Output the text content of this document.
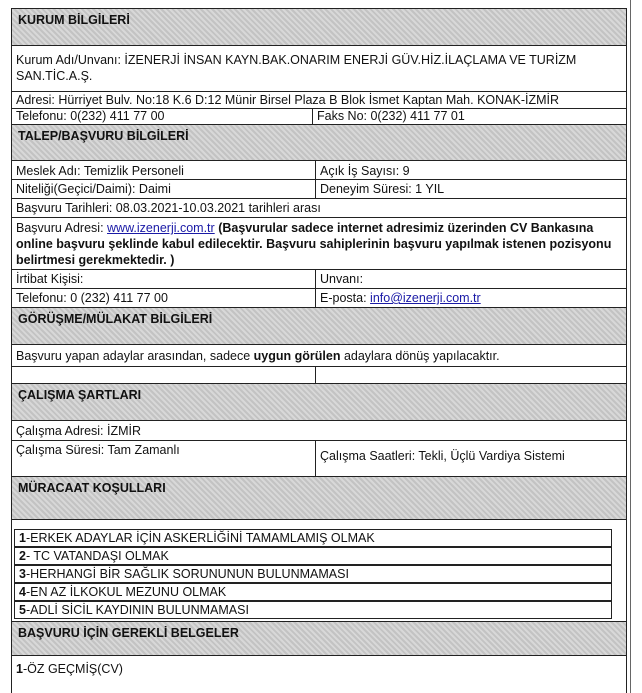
KURUM BİLGİLERİ
Kurum Adı/Unvanı: İZENERJİ İNSAN KAYN.BAK.ONARIM ENERJİ GÜV.HİZ.İLAÇLAMA VE TURİZM SAN.TİC.A.Ş.
Adresi: Hürriyet Bulv. No:18 K.6 D:12 Münir Birsel Plaza B Blok İsmet Kaptan Mah. KONAK-İZMİR
Telefonu: 0(232) 411 77 00	Faks No: 0(232) 411 77 01
TALEP/BAŞVURU BİLGİLERİ
Meslek Adı: Temizlik Personeli	Açık İş Sayısı: 9
Niteliği(Geçici/Daimi): Daimi	Deneyim Süresi: 1 YIL
Başvuru Tarihleri: 08.03.2021-10.03.2021 tarihleri arası
Başvuru Adresi: www.izenerji.com.tr (Başvurular sadece internet adresimiz üzerinden CV Bankasına online başvuru şeklinde kabul edilecektir. Başvuru sahiplerinin başvuru yapılmak istenen pozisyonu belirtmesi gerekmektedir. )
İrtibat Kişisi:	Unvanı:
Telefonu: 0 (232) 411 77 00	E-posta: info@izenerji.com.tr
GÖRÜŞME/MÜLAKAT BİLGİLERİ
Başvuru yapan adaylar arasından, sadece uygun görülen adaylara dönüş yapılacaktır.
ÇALIŞMA ŞARTLARI
Çalışma Adresi: İZMİR
Çalışma Süresi: Tam Zamanlı	Çalışma Saatleri: Tekli, Üçlü Vardiya Sistemi
MÜRACAAT KOŞULLARI
1-ERKEK ADAYLAR İÇİN ASKERLİĞİNİ TAMAMLAMIŞ OLMAK
2- TC VATANDAŞI OLMAK
3-HERHANGİ BİR SAĞLIK SORUNUNUN BULUNMAMASI
4-EN AZ İLKOKUL MEZUNU OLMAK
5-ADLİ SİCİL KAYDININ BULUNMAMASI
BAŞVURU İÇİN GEREKLİ BELGELER
1-ÖZ GEÇMİŞ(CV)
